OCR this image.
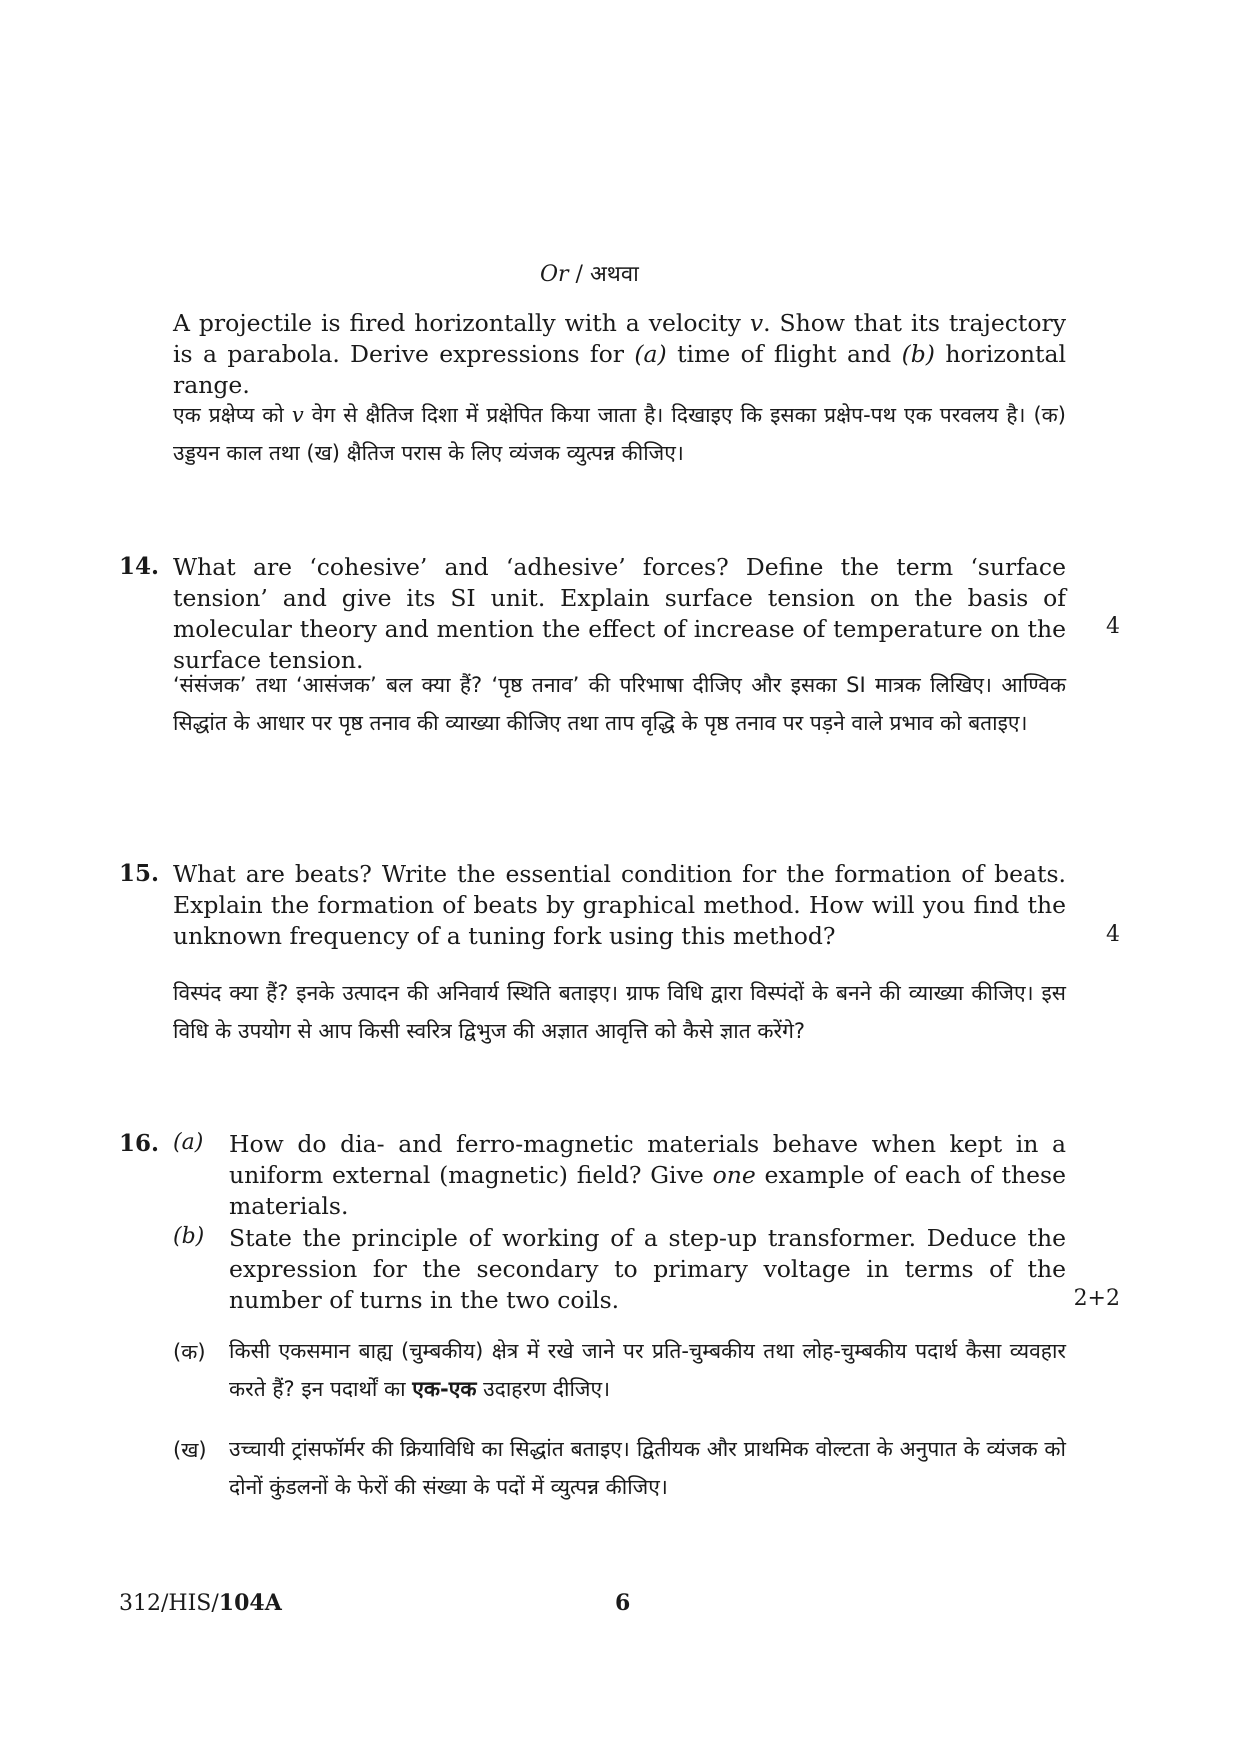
Or / अथवा
A projectile is fired horizontally with a velocity v. Show that its trajectory is a parabola. Derive expressions for (a) time of flight and (b) horizontal range.
एक प्रक्षेप्य को v वेग से क्षैतिज दिशा में प्रक्षेपित किया जाता है। दिखाइए कि इसका प्रक्षेप-पथ एक परवलय है। (क) उड्डयन काल तथा (ख) क्षैतिज परास के लिए व्यंजक व्युत्पन्न कीजिए।
14. What are ‘cohesive’ and ‘adhesive’ forces? Define the term ‘surface tension’ and give its SI unit. Explain surface tension on the basis of molecular theory and mention the effect of increase of temperature on the surface tension.
4
‘संसंजक’ तथा ‘आसंजक’ बल क्या हैं? ‘पृष्ठ तनाव’ की परिभाषा दीजिए और इसका SI मात्रक लिखिए। आण्विक सिद्धांत के आधार पर पृष्ठ तनाव की व्याख्या कीजिए तथा ताप वृद्धि के पृष्ठ तनाव पर पड़ने वाले प्रभाव को बताइए।
15. What are beats? Write the essential condition for the formation of beats. Explain the formation of beats by graphical method. How will you find the unknown frequency of a tuning fork using this method?	4
विस्पंद क्या हैं? इनके उत्पादन की अनिवार्य स्थिति बताइए। ग्राफ विधि द्वारा विस्पंदों के बनने की व्याख्या कीजिए। इस विधि के उपयोग से आप किसी स्वरित्र द्विभुज की अज्ञात आवृत्ति को कैसे ज्ञात करेंगे?
16. (a) How do dia- and ferro-magnetic materials behave when kept in a uniform external (magnetic) field? Give one example of each of these materials.
(b) State the principle of working of a step-up transformer. Deduce the expression for the secondary to primary voltage in terms of the number of turns in the two coils.	2+2
(क) किसी एकसमान बाह्य (चुम्बकीय) क्षेत्र में रखे जाने पर प्रति-चुम्बकीय तथा लोह-चुम्बकीय पदार्थ कैसा व्यवहार करते हैं? इन पदार्थों का एक-एक उदाहरण दीजिए।
(ख) उच्चायी ट्रांसफॉर्मर की क्रियाविधि का सिद्धांत बताइए। द्वितीयक और प्राथमिक वोल्टता के अनुपात के व्यंजक को दोनों कुंडलनों के फेरों की संख्या के पदों में व्युत्पन्न कीजिए।
312/HIS/104A	6
